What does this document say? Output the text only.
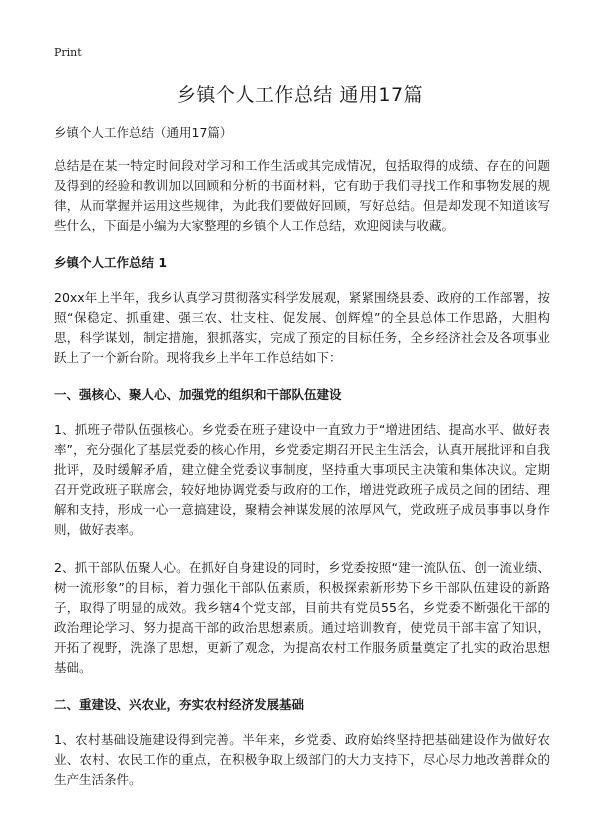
Print
乡镇个人工作总结 通用17篇
乡镇个人工作总结（通用17篇）

总结是在某一特定时间段对学习和工作生活或其完成情况，包括取得的成绩、存在的问题及得到的经验和教训加以回顾和分析的书面材料，它有助于我们寻找工作和事物发展的规律，从而掌握并运用这些规律，为此我们要做好回顾，写好总结。但是却发现不知道该写些什么，下面是小编为大家整理的乡镇个人工作总结，欢迎阅读与收藏。

乡镇个人工作总结 1

20xx年上半年，我乡认真学习贯彻落实科学发展观，紧紧围绕县委、政府的工作部署，按照“保稳定、抓重建、强三农、壮支柱、促发展、创辉煌”的全县总体工作思路，大胆构思，科学谋划，制定措施，狠抓落实，完成了预定的目标任务，全乡经济社会及各项事业跃上了一个新台阶。现将我乡上半年工作总结如下：

一、强核心、聚人心、加强党的组织和干部队伍建设

1、抓班子带队伍强核心。乡党委在班子建设中一直致力于“增进团结、提高水平、做好表率”，充分强化了基层党委的核心作用，乡党委定期召开民主生活会，认真开展批评和自我批评，及时缓解矛盾，建立健全党委议事制度，坚持重大事项民主决策和集体决议。定期召开党政班子联席会，较好地协调党委与政府的工作，增进党政班子成员之间的团结、理解和支持，形成一心一意搞建设，聚精会神谋发展的浓厚风气，党政班子成员事事以身作则，做好表率。

2、抓干部队伍聚人心。在抓好自身建设的同时，乡党委按照“建一流队伍、创一流业绩、树一流形象”的目标，着力强化干部队伍素质，积极探索新形势下乡干部队伍建设的新路子，取得了明显的成效。我乡辖4个党支部，目前共有党员55名，乡党委不断强化干部的政治理论学习、努力提高干部的政治思想素质。通过培训教育，使党员干部丰富了知识，开拓了视野，洗涤了思想，更新了观念，为提高农村工作服务质量奠定了扎实的政治思想基础。

二、重建设、兴农业，夯实农村经济发展基础

1、农村基础设施建设得到完善。半年来，乡党委、政府始终坚持把基础建设作为做好农业、农村、农民工作的重点，在积极争取上级部门的大力支持下，尽心尽力地改善群众的生产生活条件。
